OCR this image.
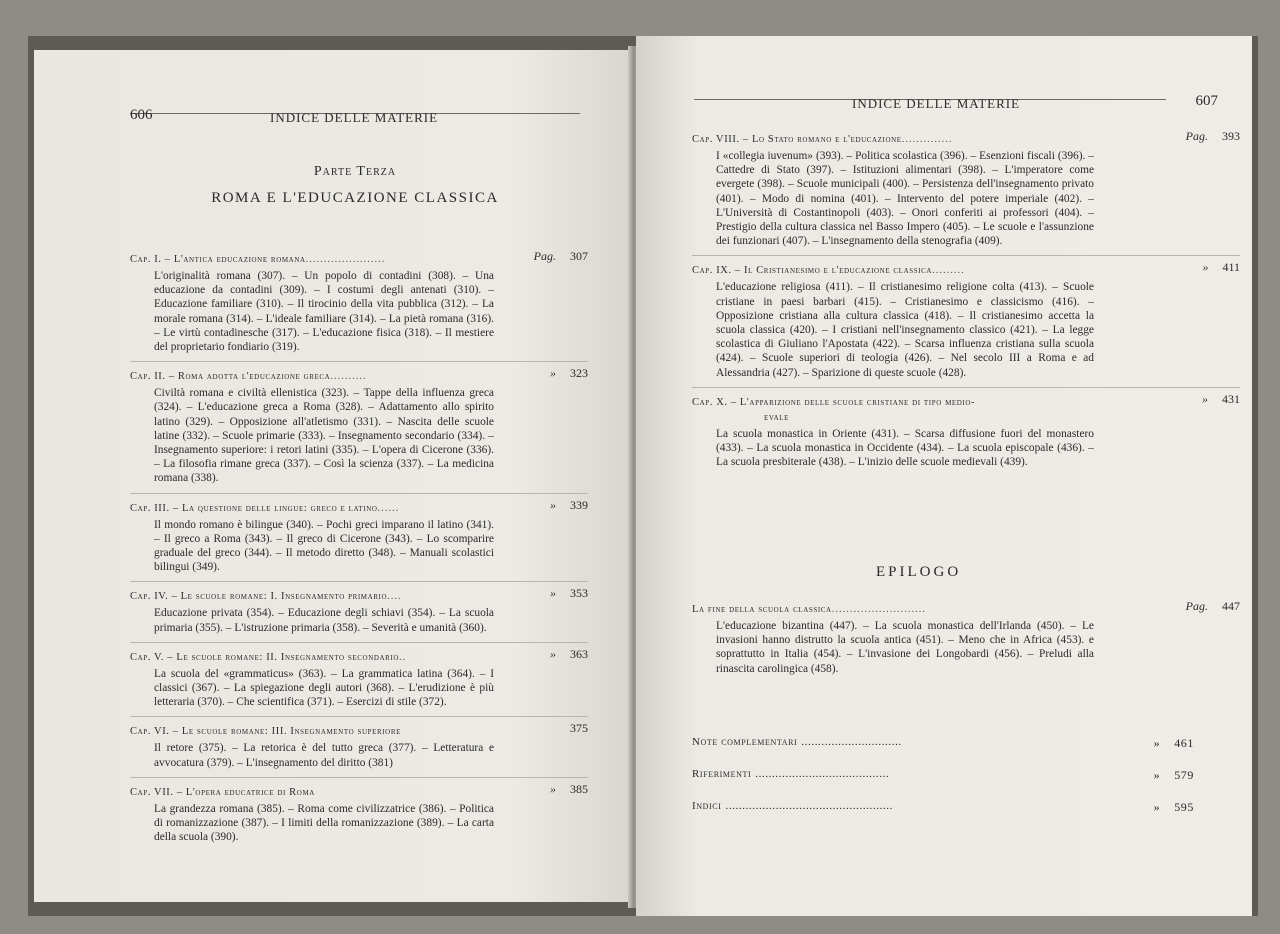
606	INDICE DELLE MATERIE
Parte Terza
ROMA E L'EDUCAZIONE CLASSICA
Cap. I. – L'antica educazione romana......................	Pag. 307
L'originalità romana (307). – Un popolo di contadini (308). – Una educazione da contadini (309). – I costumi degli antenati (310). – Educazione familiare (310). – Il tirocinio della vita pubblica (312). – La morale romana (314). – L'ideale familiare (314). – La pietà romana (316). – Le virtù contadinesche (317). – L'educazione fisica (318). – Il mestiere del proprietario fondiario (319).
Cap. II. – Roma adotta l'educazione greca..........	» 323
Civiltà romana e civiltà ellenistica (323). – Tappe della influenza greca (324). – L'educazione greca a Roma (328). – Adattamento allo spirito latino (329). – Opposizione all'atletismo (331). – Nascita delle scuole latine (332). – Scuole primarie (333). – Insegnamento secondario (334). – Insegnamento superiore: i retori latini (335). – L'opera di Cicerone (336). – La filosofia rimane greca (337). – Così la scienza (337). – La medicina romana (338).
Cap. III. – La questione delle lingue: greco e latino......	» 339
Il mondo romano è bilingue (340). – Pochi greci imparano il latino (341). – Il greco a Roma (343). – Il greco di Cicerone (343). – Lo scomparire graduale del greco (344). – Il metodo diretto (348). – Manuali scolastici bilingui (349).
Cap. IV. – Le scuole romane: I. Insegnamento primario....	» 353
Educazione privata (354). – Educazione degli schiavi (354). – La scuola primaria (355). – L'istruzione primaria (358). – Severità e umanità (360).
Cap. V. – Le scuole romane: II. Insegnamento secondario..	» 363
La scuola del «grammaticus» (363). – La grammatica latina (364). – I classici (367). – La spiegazione degli autori (368). – L'erudizione è più letteraria (370). – Che scientifica (371). – Esercizi di stile (372).
Cap. VI. – Le scuole romane: III. Insegnamento superiore	375
Il retore (375). – La retorica è del tutto greca (377). – Letteratura e avvocatura (379). – L'insegnamento del diritto (381)
Cap. VII. – L'opera educatrice di Roma	» 385
La grandezza romana (385). – Roma come civilizzatrice (386). – Politica di romanizzazione (387). – I limiti della romanizzazione (389). – La carta della scuola (390).
INDICE DELLE MATERIE	607
Cap. VIII. – Lo Stato romano e l'educazione..............	Pag. 393
I «collegia iuvenum» (393). – Politica scolastica (396). – Esenzioni fiscali (396). – Cattedre di Stato (397). – Istituzioni alimentari (398). – L'imperatore come evergete (398). – Scuole municipali (400). – Persistenza dell'insegnamento privato (401). – Modo di nomina (401). – Intervento del potere imperiale (402). – L'Università di Costantinopoli (403). – Onori conferiti ai professori (404). – Prestigio della cultura classica nel Basso Impero (405). – Le scuole e l'assunzione dei funzionari (407). – L'insegnamento della stenografia (409).
Cap. IX. – Il Cristianesimo e l'educazione classica.........	» 411
L'educazione religiosa (411). – Il cristianesimo religione colta (413). – Scuole cristiane in paesi barbari (415). – Cristianesimo e classicismo (416). – Opposizione cristiana alla cultura classica (418). – Il cristianesimo accetta la scuola classica (420). – I cristiani nell'insegnamento classico (421). – La legge scolastica di Giuliano l'Apostata (422). – Scarsa influenza cristiana sulla scuola (424). – Scuole superiori di teologia (426). – Nel secolo III a Roma e ad Alessandria (427). – Sparizione di queste scuole (428).
Cap. X. – L'apparizione delle scuole cristiane di tipo medio-	» 431
evale
La scuola monastica in Oriente (431). – Scarsa diffusione fuori del monastero (433). – La scuola monastica in Occidente (434). – La scuola episcopale (436). – La scuola presbiterale (438). – L'inizio delle scuole medievali (439).
EPILOGO
La fine della scuola classica..........................	Pag. 447
L'educazione bizantina (447). – La scuola monastica dell'Irlanda (450). – Le invasioni hanno distrutto la scuola antica (451). – Meno che in Africa (453). e soprattutto in Italia (454). – L'invasione dei Longobardi (456). – Preludi alla rinascita carolingica (458).
Note complementari ..............................	» 461
Riferimenti ........................................	» 579
Indici ..................................................	» 595
